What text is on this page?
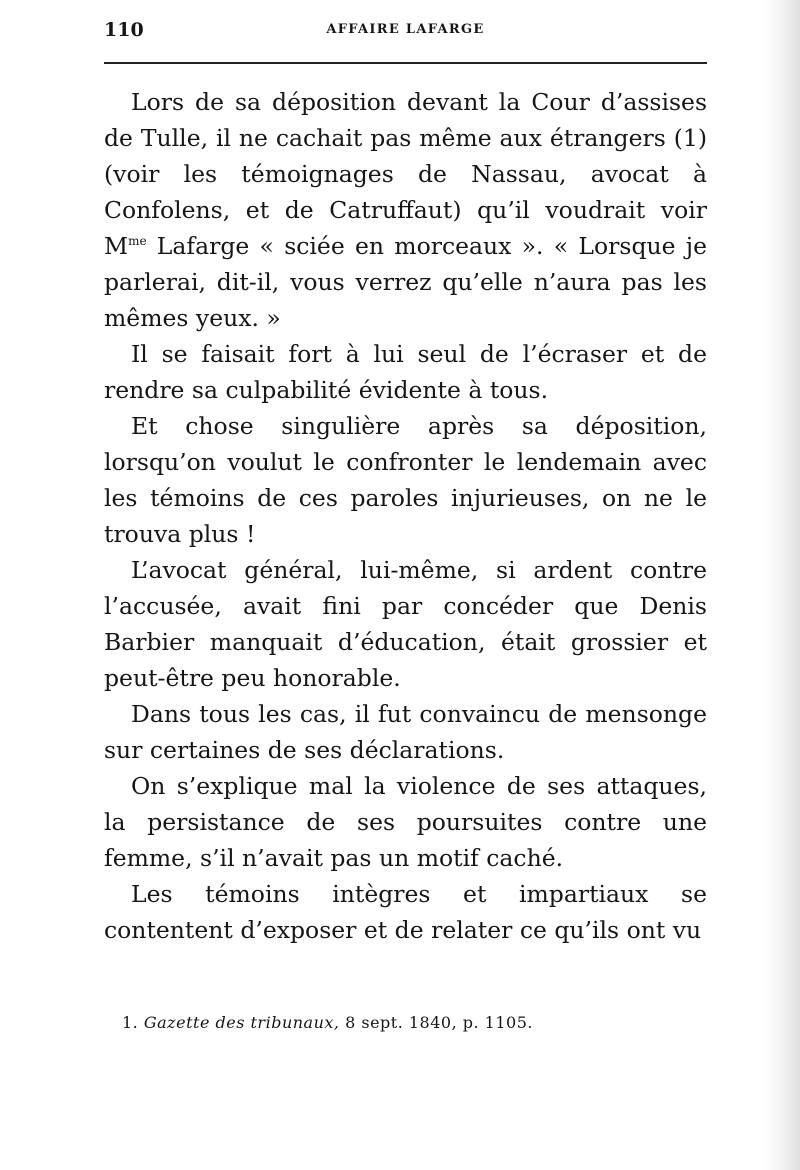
110	AFFAIRE LAFARGE

Lors de sa déposition devant la Cour d’assises de Tulle, il ne cachait pas même aux étrangers (1) (voir les témoignages de Nassau, avocat à Confolens, et de Catruffaut) qu’il voudrait voir $M^{me}$ Lafarge « sciée en morceaux ». « Lorsque je parlerai, dit-il, vous verrez qu’elle n’aura pas les mêmes yeux. »

Il se faisait fort à lui seul de l’écraser et de rendre sa culpabilité évidente à tous.

Et chose singulière après sa déposition, lorsqu’on voulut le confronter le lendemain avec les témoins de ces paroles injurieuses, on ne le trouva plus !

L’avocat général, lui-même, si ardent contre l’accusée, avait fini par concéder que Denis Barbier manquait d’éducation, était grossier et peut-être peu honorable.

Dans tous les cas, il fut convaincu de mensonge sur certaines de ses déclarations.

On s’explique mal la violence de ses attaques, la persistance de ses poursuites contre une femme, s’il n’avait pas un motif caché.

Les témoins intègres et impartiaux se contentent d’exposer et de relater ce qu’ils ont vu

1. Gazette des tribunaux, 8 sept. 1840, p. 1105.
